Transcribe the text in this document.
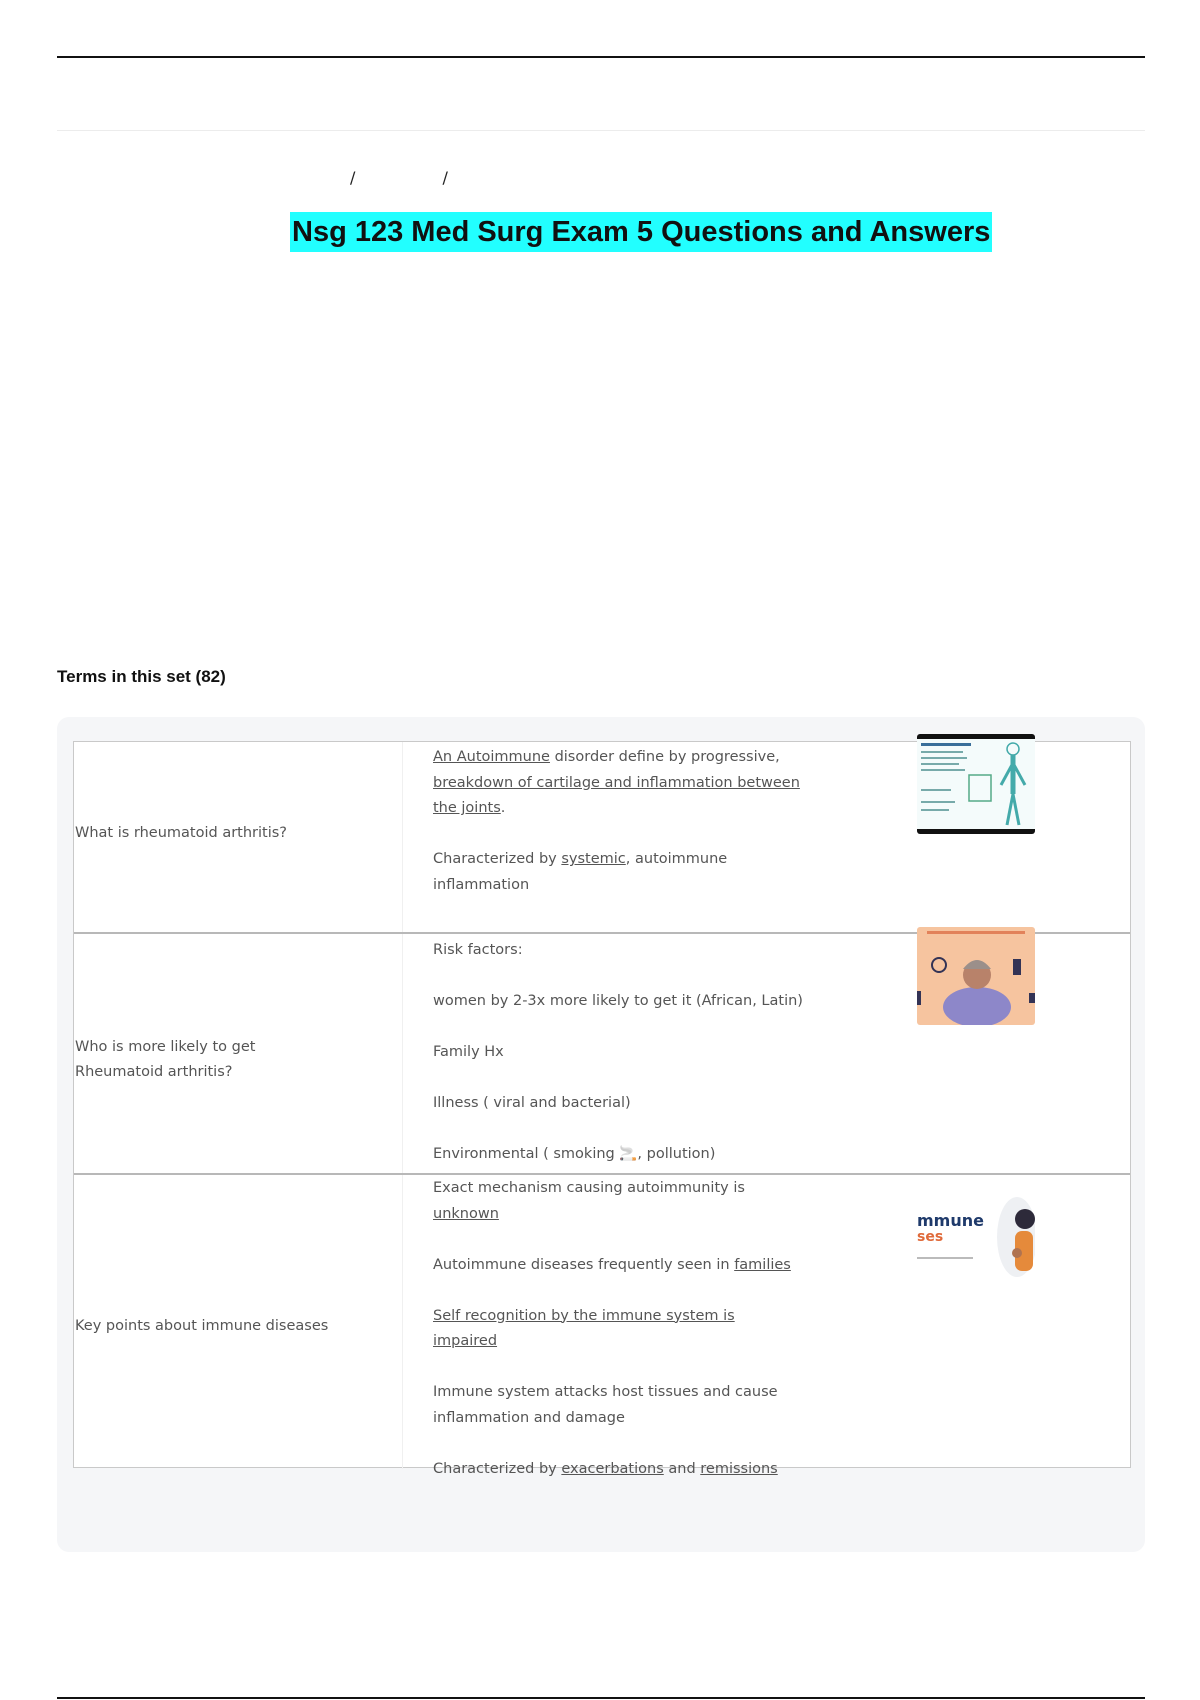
/	/
Nsg 123 Med Surg Exam 5 Questions and Answers
Terms in this set (82)
What is rheumatoid arthritis?

An Autoimmune disorder define by progressive,

breakdown of cartilage and inflammation between

the joints.

Characterized by systemic, autoimmune

inflammation

Who is more likely to get Rheumatoid arthritis?

Risk factors:

women by 2-3x more likely to get it (African, Latin)

Family Hx

Illness ( viral and bacterial)

Environmental ( smoking 🚬, pollution)

Key points about immune diseases

Exact mechanism causing autoimmunity is

unknown

Autoimmune diseases frequently seen in families

Self recognition by the immune system is impaired

Immune system attacks host tissues and cause

inflammation and damage

Characterized by exacerbations and remissions

mmune
ses
